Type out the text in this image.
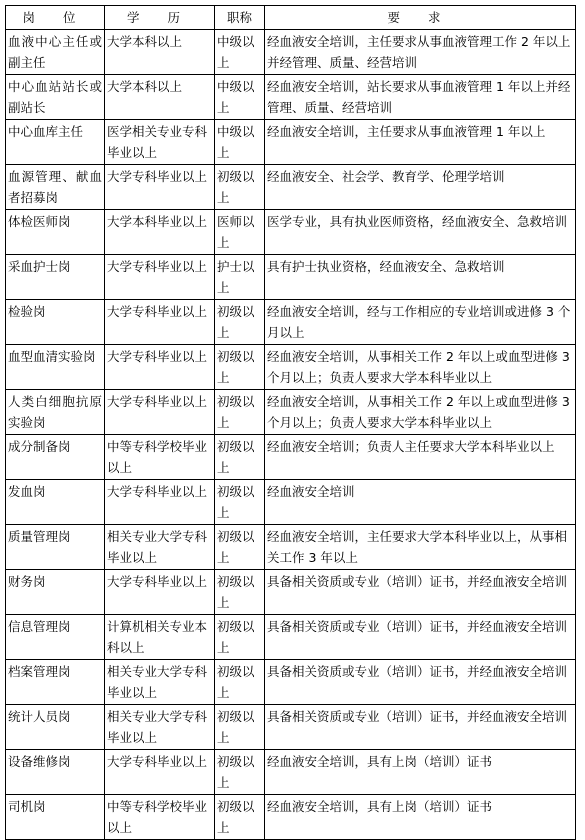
岗 位	学 历	职称	要 求
血液中心主任或副主任	大学本科以上	中级以上	经血液安全培训，主任要求从事血液管理工作 2 年以上并经管理、质量、经营培训
中心血站站长或副站长	大学本科以上	中级以上	经血液安全培训，站长要求从事血液管理 1 年以上并经管理、质量、经营培训
中心血库主任	医学相关专业专科毕业以上	中级以上	经血液安全培训，主任要求从事血液管理 1 年以上
血源管理、献血者招募岗	大学专科毕业以上	初级以上	经血液安全、社会学、教育学、伦理学培训
体检医师岗	大学本科毕业以上	医师以上	医学专业，具有执业医师资格，经血液安全、急救培训
采血护士岗	大学专科毕业以上	护士以上	具有护士执业资格，经血液安全、急救培训
检验岗	大学专科毕业以上	初级以上	经血液安全培训，经与工作相应的专业培训或进修 3 个月以上
血型血清实验岗	大学专科毕业以上	初级以上	经血液安全培训，从事相关工作 2 年以上或血型进修 3 个月以上；负责人要求大学本科毕业以上
人类白细胞抗原实验岗	大学专科毕业以上	初级以上	经血液安全培训，从事相关工作 2 年以上或血型进修 3 个月以上；负责人要求大学本科毕业以上
成分制备岗	中等专科学校毕业以上	初级以上	经血液安全培训；负责人主任要求大学本科毕业以上
发血岗	大学专科毕业以上	初级以上	经血液安全培训
质量管理岗	相关专业大学专科毕业以上	初级以上	经血液安全培训，主任要求大学本科毕业以上，从事相关工作 3 年以上
财务岗	大学专科毕业以上	初级以上	具备相关资质或专业（培训）证书，并经血液安全培训
信息管理岗	计算机相关专业本科以上	初级以上	具备相关资质或专业（培训）证书，并经血液安全培训
档案管理岗	相关专业大学专科毕业以上	初级以上	具备相关资质或专业（培训）证书，并经血液安全培训
统计人员岗	相关专业大学专科毕业以上	初级以上	具备相关资质或专业（培训）证书，并经血液安全培训
设备维修岗	大学专科毕业以上	初级以上	经血液安全培训，具有上岗（培训）证书
司机岗	中等专科学校毕业以上	初级以上	经血液安全培训，具有上岗（培训）证书
